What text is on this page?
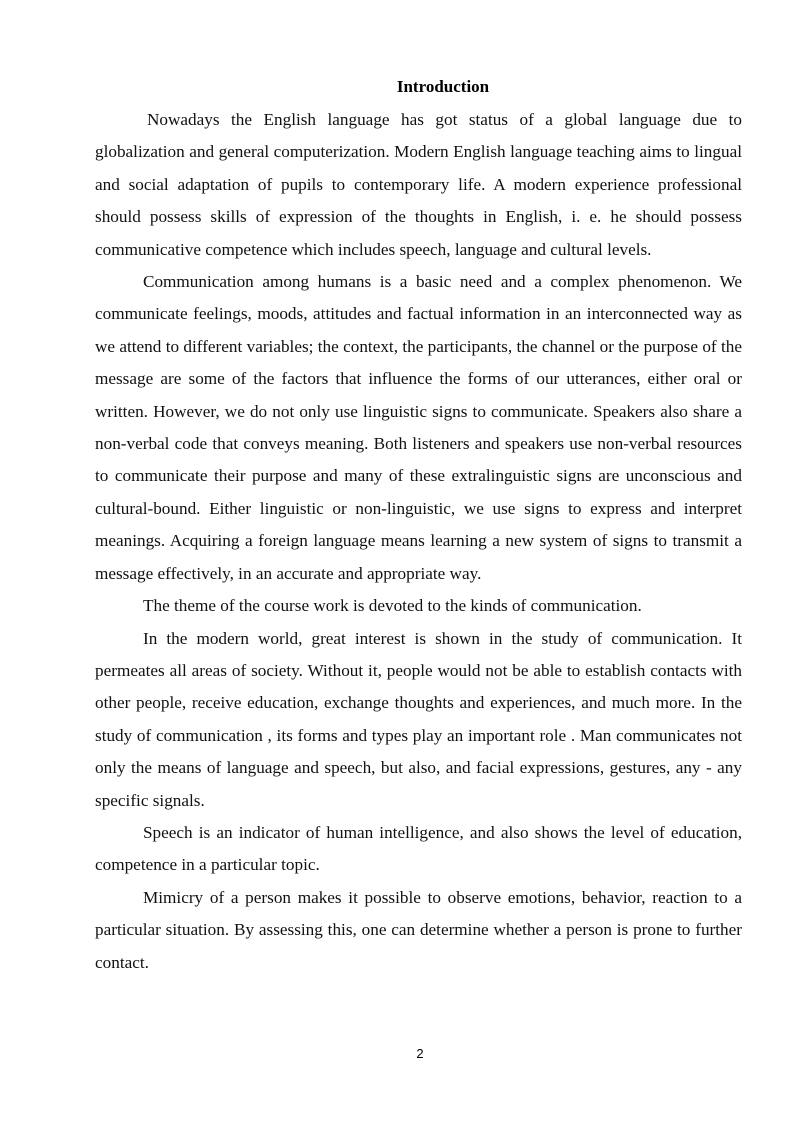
Introduction

Nowadays the English language has got status of a global language due to globalization and general computerization. Modern English language teaching aims to lingual and social adaptation of pupils to contemporary life. A modern experience professional should possess skills of expression of the thoughts in English, i. e. he should possess communicative competence which includes speech, language and cultural levels.

Communication among humans is a basic need and a complex phenomenon. We communicate feelings, moods, attitudes and factual information in an interconnected way as we attend to different variables; the context, the participants, the channel or the purpose of the message are some of the factors that influence the forms of our utterances, either oral or written. However, we do not only use linguistic signs to communicate. Speakers also share a non-verbal code that conveys meaning. Both listeners and speakers use non-verbal resources to communicate their purpose and many of these extralinguistic signs are unconscious and cultural-bound. Either linguistic or non-linguistic, we use signs to express and interpret meanings. Acquiring a foreign language means learning a new system of signs to transmit a message effectively, in an accurate and appropriate way.

The theme of the course work is devoted to the kinds of communication.

In the modern world, great interest is shown in the study of communication. It permeates all areas of society. Without it, people would not be able to establish contacts with other people, receive education, exchange thoughts and experiences, and much more. In the study of communication , its forms and types play an important role . Man communicates not only the means of language and speech, but also, and facial expressions, gestures, any - any specific signals.

Speech is an indicator of human intelligence, and also shows the level of education, competence in a particular topic.

Mimicry of a person makes it possible to observe emotions, behavior, reaction to a particular situation. By assessing this, one can determine whether a person is prone to further contact.

2
